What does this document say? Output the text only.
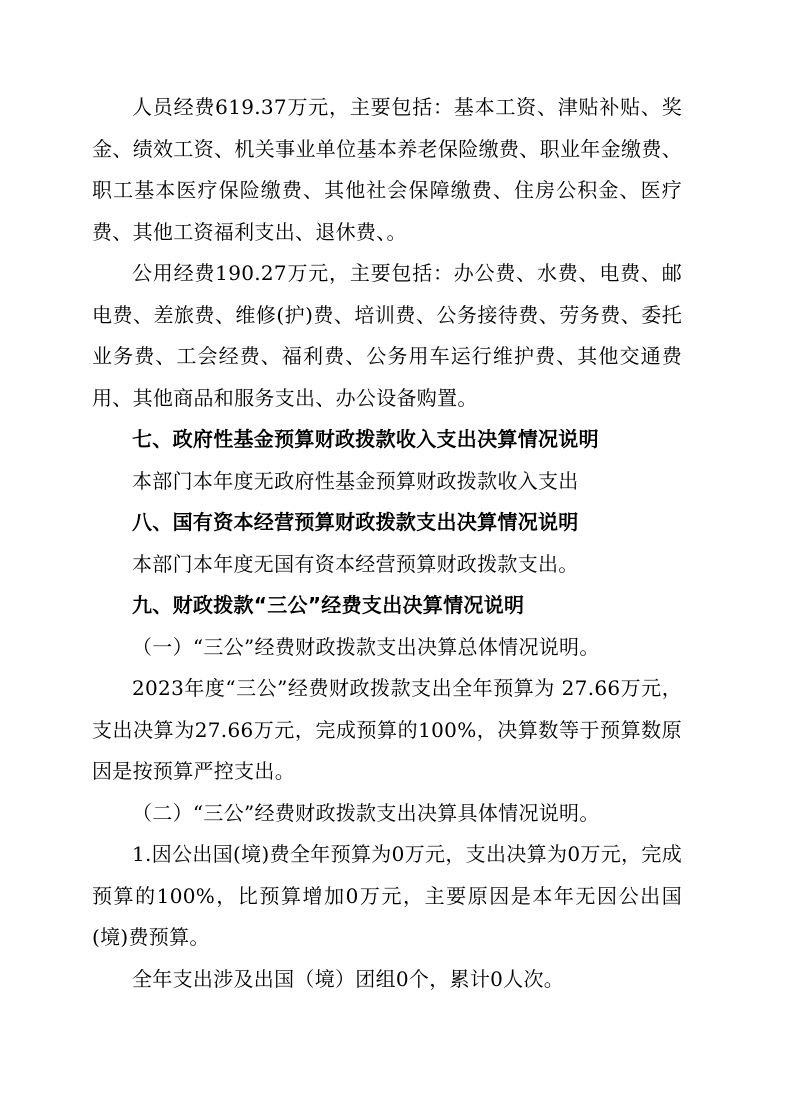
人员经费619.37万元，主要包括：基本工资、津贴补贴、奖金、绩效工资、机关事业单位基本养老保险缴费、职业年金缴费、职工基本医疗保险缴费、其他社会保障缴费、住房公积金、医疗费、其他工资福利支出、退休费、。

公用经费190.27万元，主要包括：办公费、水费、电费、邮电费、差旅费、维修(护)费、培训费、公务接待费、劳务费、委托业务费、工会经费、福利费、公务用车运行维护费、其他交通费用、其他商品和服务支出、办公设备购置。

七、政府性基金预算财政拨款收入支出决算情况说明

本部门本年度无政府性基金预算财政拨款收入支出

八、国有资本经营预算财政拨款支出决算情况说明

本部门本年度无国有资本经营预算财政拨款支出。

九、财政拨款“三公”经费支出决算情况说明

（一）“三公”经费财政拨款支出决算总体情况说明。

2023年度“三公”经费财政拨款支出全年预算为 27.66万元，支出决算为27.66万元，完成预算的100%，决算数等于预算数原因是按预算严控支出。

（二）“三公”经费财政拨款支出决算具体情况说明。

1.因公出国(境)费全年预算为0万元，支出决算为0万元，完成预算的100%，比预算增加0万元，主要原因是本年无因公出国(境)费预算。

全年支出涉及出国（境）团组0个，累计0人次。
